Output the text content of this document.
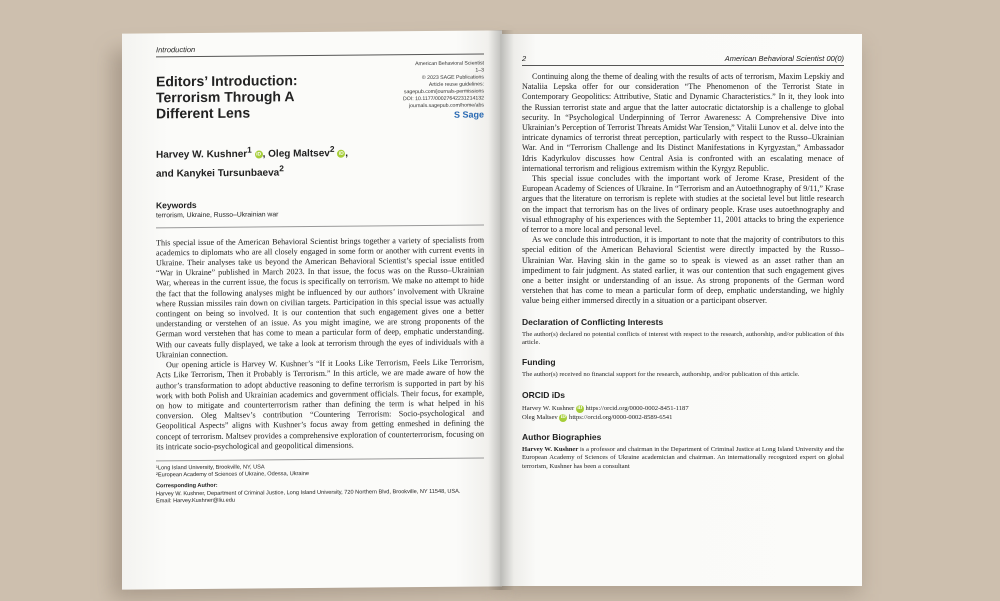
Introduction
Editors’ Introduction: Terrorism Through A Different Lens
American Behavioral Scientist
1–3
© 2023 SAGE Publications
Article reuse guidelines:
sagepub.com/journals-permissions
DOI: 10.1177/00027642231214132
journals.sagepub.com/home/abs
S Sage
Harvey W. Kushner$^1$ iD , Oleg Maltsev$^2$ iD ,
and Kanykei Tursunbaeva$^2$
Keywords
terrorism, Ukraine, Russo–Ukrainian war

This special issue of the American Behavioral Scientist brings together a variety of specialists from academics to diplomats who are all closely engaged in some form or another with current events in Ukraine. Their analyses take us beyond the American Behavioral Scientist’s special issue entitled “War in Ukraine” published in March 2023. In that issue, the focus was on the Russo–Ukrainian War, whereas in the current issue, the focus is specifically on terrorism. We make no attempt to hide the fact that the following analyses might be influenced by our authors’ involvement with Ukraine where Russian missiles rain down on civilian targets. Participation in this special issue was actually contingent on being so involved. It is our contention that such engagement gives one a better understanding or verstehen of an issue. As you might imagine, we are strong proponents of the German word verstehen that has come to mean a particular form of deep, emphatic understanding. With our caveats fully displayed, we take a look at terrorism through the eyes of individuals with a Ukrainian connection.

Our opening article is Harvey W. Kushner’s “If it Looks Like Terrorism, Feels Like Terrorism, Acts Like Terrorism, Then it Probably is Terrorism.” In this article, we are made aware of how the author’s transformation to adopt abductive reasoning to define terrorism is supported in part by his work with both Polish and Ukrainian academics and government officials. Their focus, for example, on how to mitigate and counterterrorism rather than defining the term is what helped in his conversion. Oleg Maltsev’s contribution “Countering Terrorism: Socio-psychological and Geopolitical Aspects” aligns with Kushner’s focus away from getting enmeshed in defining the concept of terrorism. Maltsev provides a comprehensive exploration of counterterrorism, focusing on its intricate socio-psychological and geopolitical dimensions.

¹Long Island University, Brookville, NY, USA
²European Academy of Sciences of Ukraine, Odessa, Ukraine
Corresponding Author:
Harvey W. Kushner, Department of Criminal Justice, Long Island University, 720 Northern Blvd, Brookville, NY 11548, USA.
Email: Harvey.Kushner@liu.edu
2	American Behavioral Scientist 00(0)

Continuing along the theme of dealing with the results of acts of terrorism, Maxim Lepskiy and Nataliia Lepska offer for our consideration “The Phenomenon of the Terrorist State in Contemporary Geopolitics: Attributive, Static and Dynamic Characteristics.” In it, they look into the Russian terrorist state and argue that the latter autocratic dictatorship is a challenge to global security. In “Psychological Underpinning of Terror Awareness: A Comprehensive Dive into Ukrainian’s Perception of Terrorist Threats Amidst War Tension,” Vitalii Lunov et al. delve into the intricate dynamics of terrorist threat perception, particularly with respect to the Russo–Ukrainian War. And in “Terrorism Challenge and Its Distinct Manifestations in Kyrgyzstan,” Ambassador Idris Kadyrkulov discusses how Central Asia is confronted with an escalating menace of international terrorism and religious extremism within the Kyrgyz Republic.

This special issue concludes with the important work of Jerome Krase, President of the European Academy of Sciences of Ukraine. In “Terrorism and an Autoethnography of 9/11,” Krase argues that the literature on terrorism is replete with studies at the societal level but little research on the impact that terrorism has on the lives of ordinary people. Krase uses autoethnography and visual ethnography of his experiences with the September 11, 2001 attacks to bring the experience of terror to a more local and personal level.

As we conclude this introduction, it is important to note that the majority of contributors to this special edition of the American Behavioral Scientist were directly impacted by the Russo–Ukrainian War. Having skin in the game so to speak is viewed as an asset rather than an impediment to fair judgment. As stated earlier, it was our contention that such engagement gives one a better insight or understanding of an issue. As strong proponents of the German word verstehen that has come to mean a particular form of deep, emphatic understanding, we highly value being either immersed directly in a situation or a participant observer.

Declaration of Conflicting Interests
The author(s) declared no potential conflicts of interest with respect to the research, authorship, and/or publication of this article.
Funding
The author(s) received no financial support for the research, authorship, and/or publication of this article.
ORCID iDs
Harvey W. Kushner iD https://orcid.org/0000-0002-8451-1187
Oleg Maltsev iD https://orcid.org/0000-0002-8589-6541
Author Biographies
Harvey W. Kushner is a professor and chairman in the Department of Criminal Justice at Long Island University and the European Academy of Sciences of Ukraine academician and chairman. An internationally recognized expert on global terrorism, Kushner has been a consultant
